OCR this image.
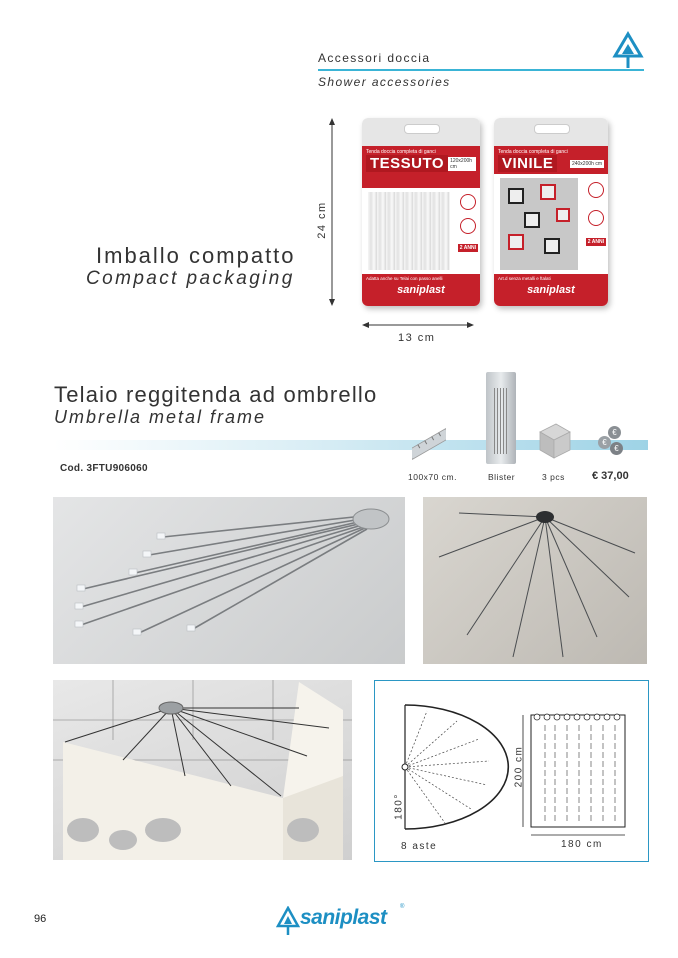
Accessori doccia
Shower accessories
Imballo compatto
Compact packaging
24 cm
13 cm
Tenda doccia completa di ganci
TESSUTO	120x200h cm
2 ANNI
Adatta anche su Telai con passo anelli
saniplast
Tenda doccia completa di ganci
VINILE	240x200h cm
2 ANNI
Art.d senza metalli e ftalati
saniplast
Telaio reggitenda ad ombrello
Umbrella metal frame
Cod. 3FTU906060
€
€
€
100x70 cm.	Blister	3 pcs € 37,00
180°
8 aste
200 cm
180 cm
96	saniplast ®
